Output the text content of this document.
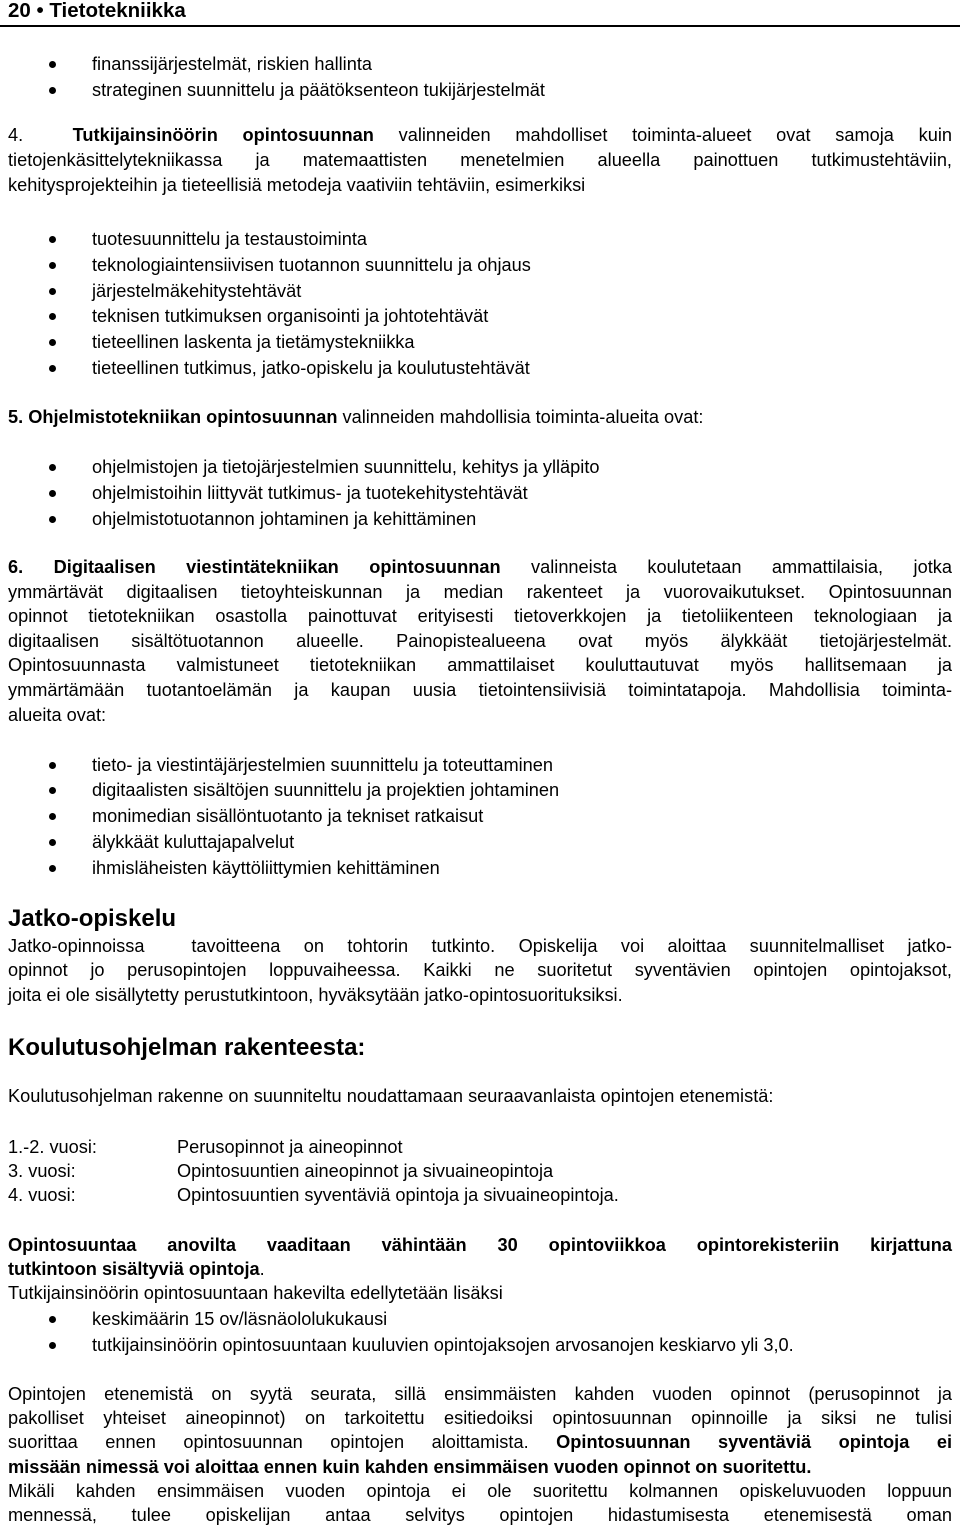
20 • Tietotekniikka
finanssijärjestelmät, riskien hallinta
strateginen suunnittelu ja päätöksenteon tukijärjestelmät
4.	Tutkijainsinöörin opintosuunnan valinneiden mahdolliset toiminta-alueet ovat samoja kuin
tietojenkäsittelytekniikassa ja matemaattisten menetelmien alueella painottuen tutkimustehtäviin,
kehitysprojekteihin ja tieteellisiä metodeja vaativiin tehtäviin, esimerkiksi
tuotesuunnittelu ja testaustoiminta
teknologiaintensiivisen tuotannon suunnittelu ja ohjaus
järjestelmäkehitystehtävät
teknisen tutkimuksen organisointi ja johtotehtävät
tieteellinen laskenta ja tietämystekniikka
tieteellinen tutkimus, jatko-opiskelu ja koulutustehtävät
5. Ohjelmistotekniikan opintosuunnan valinneiden mahdollisia toiminta-alueita ovat:
ohjelmistojen ja tietojärjestelmien suunnittelu, kehitys ja ylläpito
ohjelmistoihin liittyvät tutkimus- ja tuotekehitystehtävät
ohjelmistotuotannon johtaminen ja kehittäminen
6. Digitaalisen viestintätekniikan opintosuunnan valinneista koulutetaan ammattilaisia, jotka
ymmärtävät digitaalisen tietoyhteiskunnan ja median rakenteet ja vuorovaikutukset. Opintosuunnan
opinnot tietotekniikan osastolla painottuvat erityisesti tietoverkkojen ja tietoliikenteen teknologiaan ja
digitaalisen sisältötuotannon alueelle. Painopistealueena ovat myös älykkäät tietojärjestelmät.
Opintosuunnasta valmistuneet tietotekniikan ammattilaiset kouluttautuvat myös hallitsemaan ja
ymmärtämään tuotantoelämän ja kaupan uusia tietointensiivisiä toimintatapoja. Mahdollisia toiminta-
alueita ovat:
tieto- ja viestintäjärjestelmien suunnittelu ja toteuttaminen
digitaalisten sisältöjen suunnittelu ja projektien johtaminen
monimedian sisällöntuotanto ja tekniset ratkaisut
älykkäät kuluttajapalvelut
ihmisläheisten käyttöliittymien kehittäminen
Jatko-opiskelu
Jatko-opinnoissa  tavoitteena on tohtorin tutkinto. Opiskelija voi aloittaa suunnitelmalliset jatko-
opinnot jo perusopintojen loppuvaiheessa. Kaikki ne suoritetut syventävien opintojen opintojaksot,
joita ei ole sisällytetty perustutkintoon, hyväksytään jatko-opintosuorituksiksi.
Koulutusohjelman rakenteesta:
Koulutusohjelman rakenne on suunniteltu noudattamaan seuraavanlaista opintojen etenemistä:
1.-2. vuosi:	Perusopinnot ja aineopinnot
3. vuosi:	Opintosuuntien aineopinnot ja sivuaineopintoja
4. vuosi:	Opintosuuntien syventäviä opintoja ja sivuaineopintoja.
Opintosuuntaa anovilta vaaditaan vähintään 30 opintoviikkoa opintorekisteriin kirjattuna
tutkintoon sisältyviä opintoja.
Tutkijainsinöörin opintosuuntaan hakevilta edellytetään lisäksi
keskimäärin 15 ov/läsnäololukukausi
tutkijainsinöörin opintosuuntaan kuuluvien opintojaksojen arvosanojen keskiarvo yli 3,0.
Opintojen etenemistä on syytä seurata, sillä ensimmäisten kahden vuoden opinnot (perusopinnot ja
pakolliset yhteiset aineopinnot) on tarkoitettu esitiedoiksi opintosuunnan opinnoille ja siksi ne tulisi
suorittaa ennen opintosuunnan opintojen aloittamista. Opintosuunnan syventäviä opintoja ei
missään nimessä voi aloittaa ennen kuin kahden ensimmäisen vuoden opinnot on suoritettu.
Mikäli kahden ensimmäisen vuoden opintoja ei ole suoritettu kolmannen opiskeluvuoden loppuun
mennessä, tulee opiskelijan antaa selvitys opintojen hidastumisesta etenemisestä oman
